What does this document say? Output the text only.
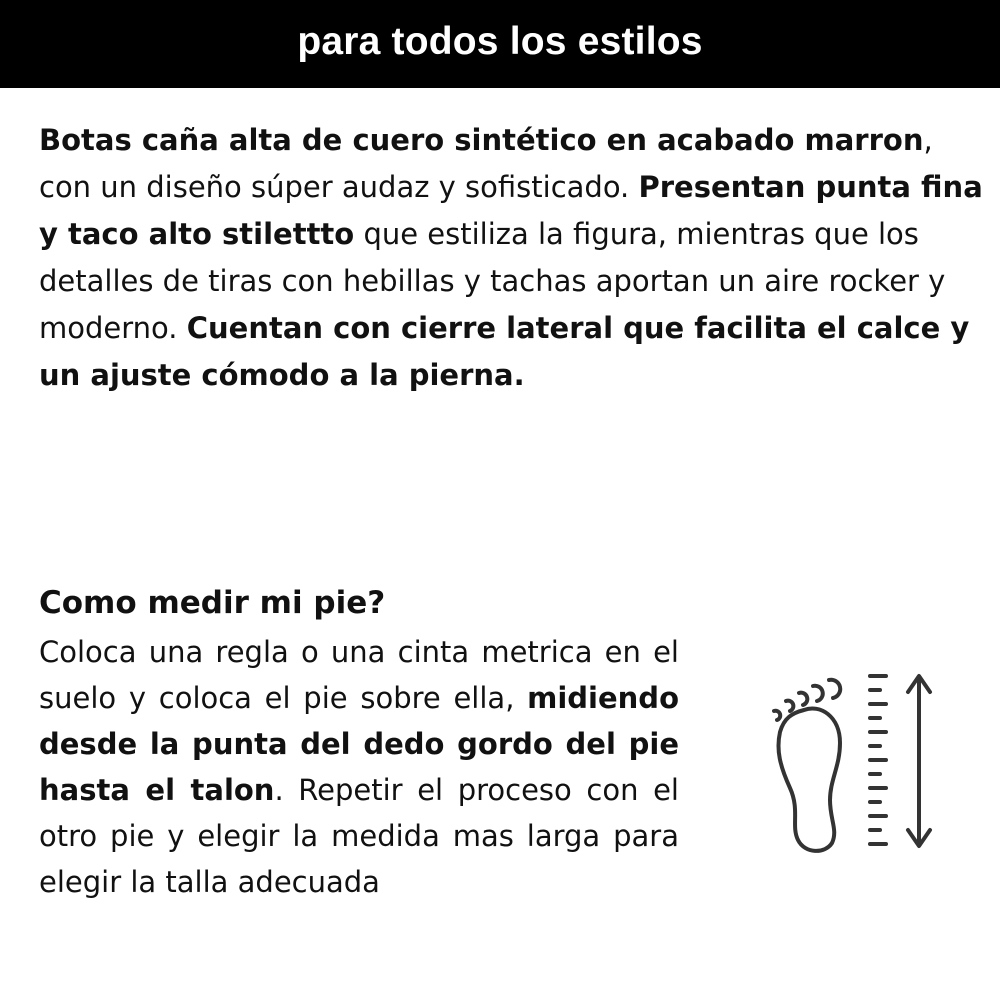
para todos los estilos

Botas caña alta de cuero sintético en acabado marron, con un diseño súper audaz y sofisticado. Presentan punta fina y taco alto stiletttо que estiliza la figura, mientras que los detalles de tiras con hebillas y tachas aportan un aire rocker y moderno. Cuentan con cierre lateral que facilita el calce y un ajuste cómodo a la pierna.

Como medir mi pie?

Coloca una regla o una cinta metrica en el suelo y coloca el pie sobre ella, midiendo desde la punta del dedo gordo del pie hasta el talon. Repetir el proceso con el otro pie y elegir la medida mas larga para elegir la talla adecuada
